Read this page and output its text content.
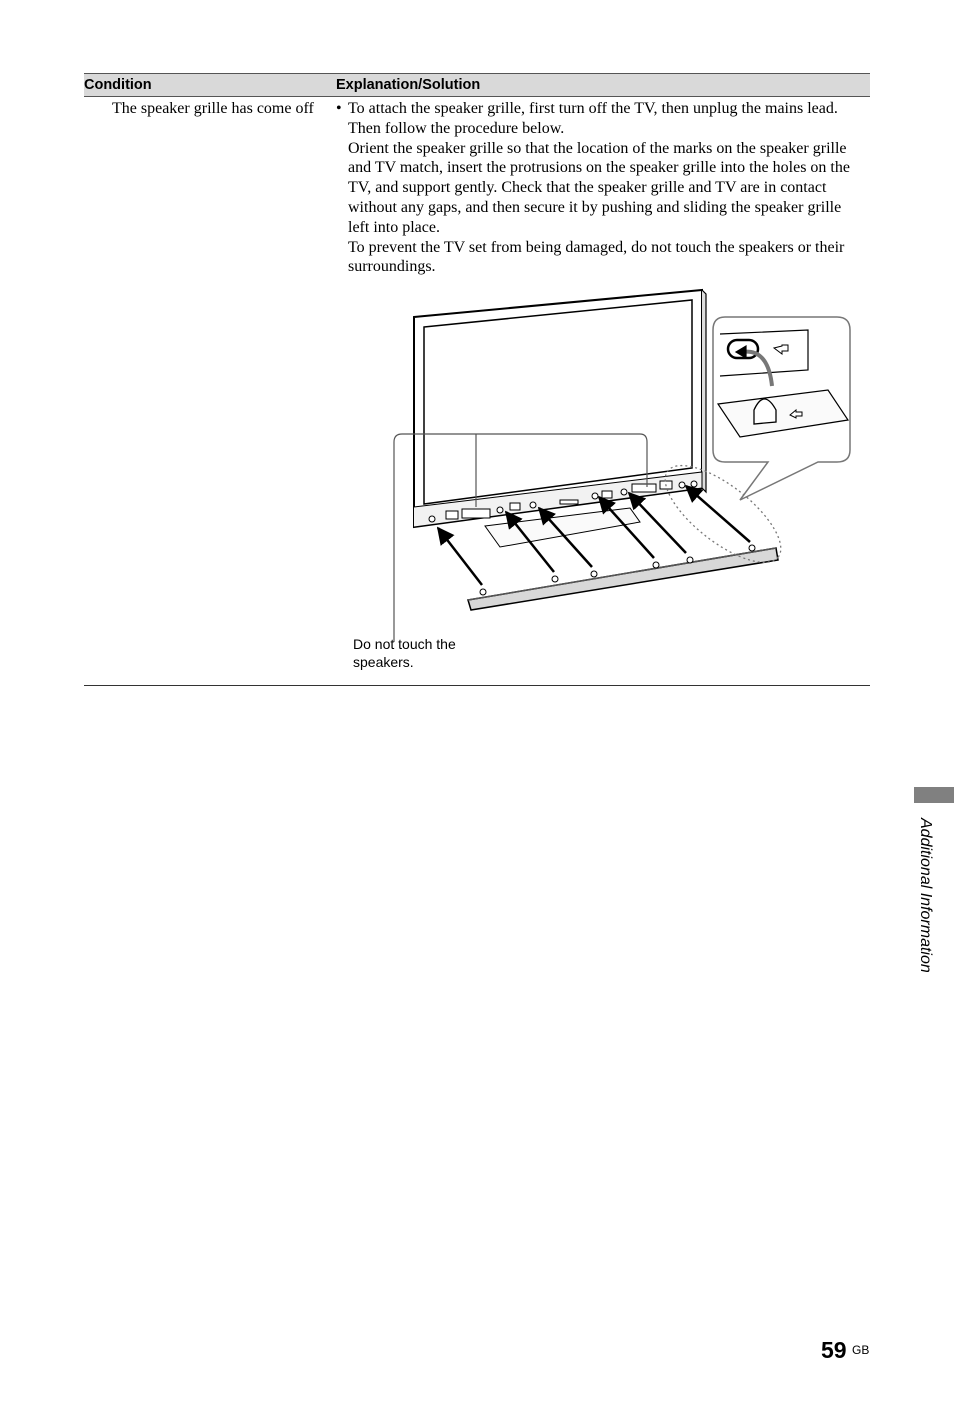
Condition	Explanation/Solution
The speaker grille has come off	• To attach the speaker grille, first turn off the TV, then unplug the mains lead. Then follow the procedure below.

Orient the speaker grille so that the location of the marks on the speaker grille and TV match, insert the protrusions on the speaker grille into the holes on the TV, and support gently. Check that the speaker grille and TV are in contact without any gaps, and then secure it by pushing and sliding the speaker grille left into place.

To prevent the TV set from being damaged, do not touch the speakers or their surroundings.

Do not touch the speakers.
Additional Information
59 GB
